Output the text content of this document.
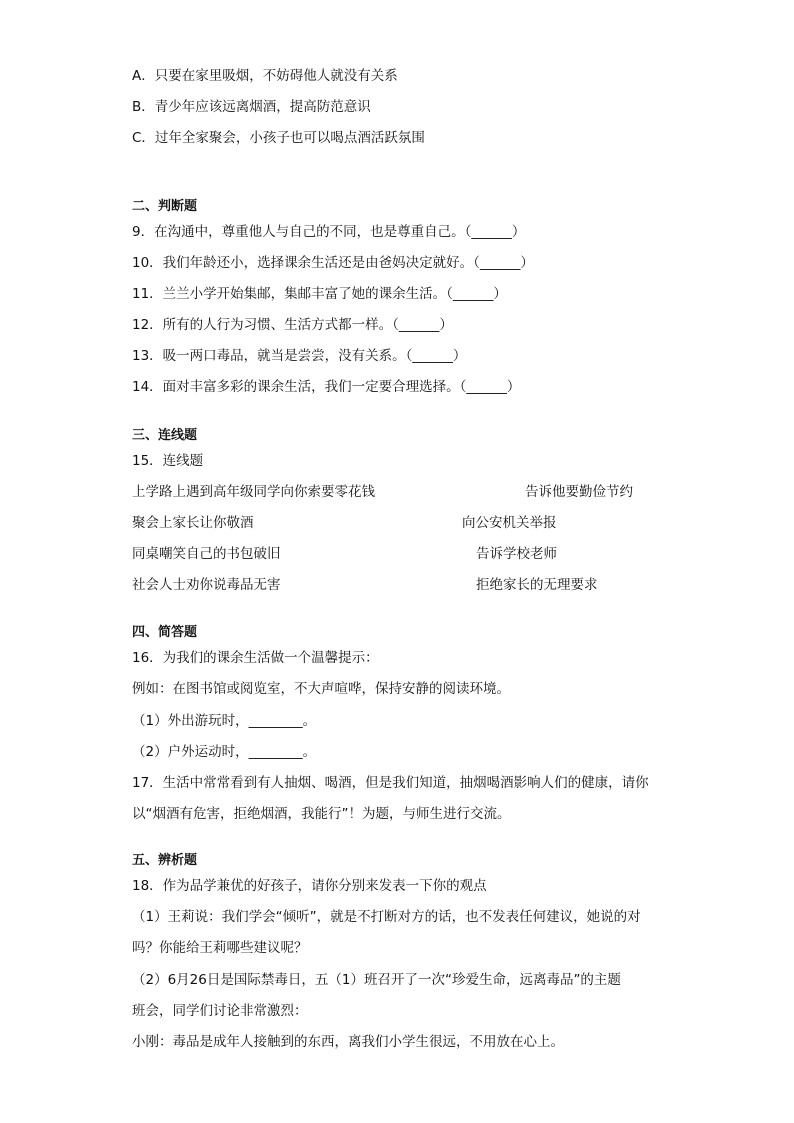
A．只要在家里吸烟，不妨碍他人就没有关系
B．青少年应该远离烟酒，提高防范意识
C．过年全家聚会，小孩子也可以喝点酒活跃氛围
二、判断题
9．在沟通中，尊重他人与自己的不同，也是尊重自己。（______）
10．我们年龄还小，选择课余生活还是由爸妈决定就好。（______）
11．兰兰小学开始集邮，集邮丰富了她的课余生活。（______）
12．所有的人行为习惯、生活方式都一样。（______）
13．吸一两口毒品，就当是尝尝，没有关系。（______）
14．面对丰富多彩的课余生活，我们一定要合理选择。（______）
三、连线题
15．连线题
上学路上遇到高年级同学向你索要零花钱	告诉他要勤俭节约
聚会上家长让你敬酒	向公安机关举报
同桌嘲笑自己的书包破旧	告诉学校老师
社会人士劝你说毒品无害	拒绝家长的无理要求
四、简答题
16．为我们的课余生活做一个温馨提示：
例如：在图书馆或阅览室，不大声喧哗，保持安静的阅读环境。
（1）外出游玩时，________。
（2）户外运动时，________。
17．生活中常常看到有人抽烟、喝酒，但是我们知道，抽烟喝酒影响人们的健康，请你
以“烟酒有危害，拒绝烟酒，我能行”！为题，与师生进行交流。
五、辨析题
18．作为品学兼优的好孩子，请你分别来发表一下你的观点
（1）王莉说：我们学会“倾听”，就是不打断对方的话，也不发表任何建议，她说的对
吗？你能给王莉哪些建议呢？
（2）6月26日是国际禁毒日，五（1）班召开了一次“珍爱生命，远离毒品”的主题
班会，同学们讨论非常激烈：
小刚：毒品是成年人接触到的东西，离我们小学生很远，不用放在心上。
